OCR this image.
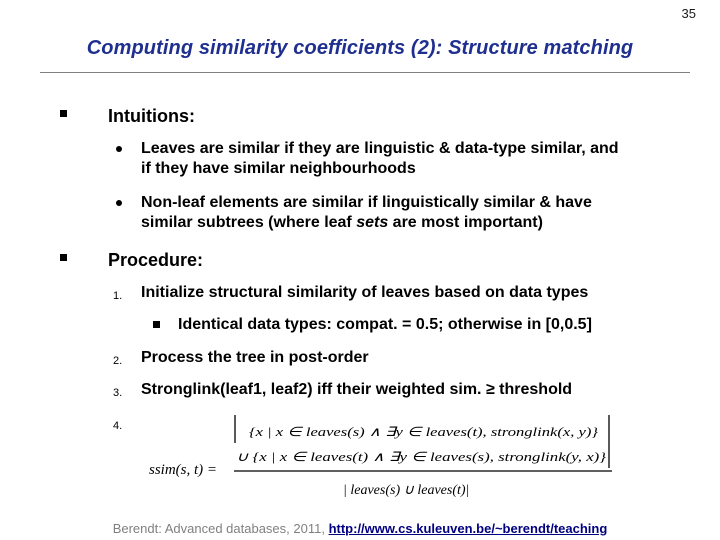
35
Computing similarity coefficients (2): Structure matching
Intuitions:
Leaves are similar if they are linguistic & data-type similar, and
if they have similar neighbourhoods
Non-leaf elements are similar if linguistically similar & have
similar subtrees (where leaf sets are most important)
Procedure:
1. Initialize structural similarity of leaves based on data types
Identical data types: compat. = 0.5; otherwise in [0,0.5]
2. Process the tree in post-order
3. Stronglink(leaf1, leaf2) iff their weighted sim. ≥ threshold
4.
ssim(s, t) =
{x | x ∈ leaves(s) ∧ ∃y ∈ leaves(t), stronglink(x, y)}
∪ {x | x ∈ leaves(t) ∧ ∃y ∈ leaves(s), stronglink(y, x)}
| leaves(s) ∪ leaves(t)|
Berendt: Advanced databases, 2011, http://www.cs.kuleuven.be/~berendt/teaching
